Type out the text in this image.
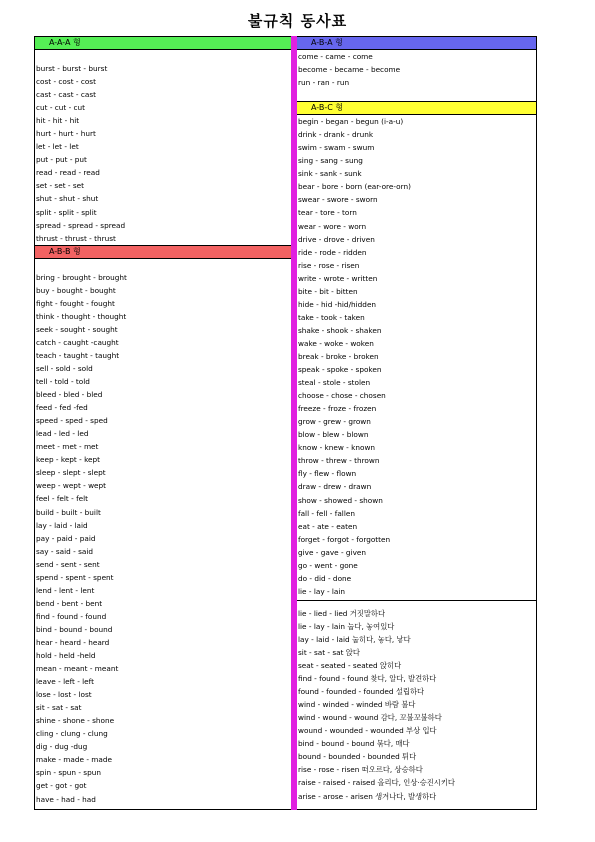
불규칙 동사표
A-A-A 형
burst - burst - burst
cost - cost - cost
cast - cast - cast
cut - cut - cut
hit - hit - hit
hurt - hurt - hurt
let - let - let
put - put - put
read - read - read
set - set - set
shut - shut - shut
split - split - split
spread - spread - spread
thrust - thrust - thrust
A-B-B 형
bring - brought - brought
buy - bought - bought
fight - fought - fought
think - thought - thought
seek - sought - sought
catch - caught -caught
teach - taught - taught
sell - sold - sold
tell - told - told
bleed - bled - bled
feed - fed -fed
speed - sped - sped
lead - led - led
meet - met - met
keep - kept - kept
sleep - slept - slept
weep - wept - wept
feel - felt - felt
build - built - built
lay - laid - laid
pay - paid - paid
say - said - said
send - sent - sent
spend - spent - spent
lend - lent - lent
bend - bent - bent
find - found - found
bind - bound - bound
hear - heard - heard
hold - held -held
mean - meant - meant
leave - left - left
lose - lost - lost
sit - sat - sat
shine - shone - shone
cling - clung - clung
dig - dug -dug
make - made - made
spin - spun - spun
get - got - got
have - had - had
A-B-A 형
come - came - come
become - became - become
run - ran - run
A-B-C 형
begin - began - begun (i-a-u)
drink - drank - drunk
swim - swam - swum
sing - sang - sung
sink - sank - sunk
bear - bore - born (ear-ore-orn)
swear - swore - sworn
tear - tore - torn
wear - wore - worn
drive - drove - driven
ride - rode - ridden
rise - rose - risen
write - wrote - written
bite - bit - bitten
hide - hid -hid/hidden
take - took - taken
shake - shook - shaken
wake - woke - woken
break - broke - broken
speak - spoke - spoken
steal - stole - stolen
choose - chose - chosen
freeze - froze - frozen
grow - grew - grown
blow - blew - blown
know - knew - known
throw - threw - thrown
fly - flew - flown
draw - drew - drawn
show - showed - shown
fall - fell - fallen
eat - ate - eaten
forget - forgot - forgotten
give - gave - given
go - went - gone
do - did - done
lie - lay - lain
lie - lied - lied 거짓말하다
lie - lay - lain 눕다, 놓여있다
lay - laid - laid 눕히다, 놓다, 낳다
sit - sat - sat 앉다
seat - seated - seated 앉히다
find - found - found 찾다, 알다, 발견하다
found - founded - founded 설립하다
wind - winded - winded 바람 불다
wind - wound - wound 감다, 꼬불꼬불하다
wound - wounded - wounded 부상 입다
bind - bound - bound 묶다, 매다
bound - bounded - bounded 튀다
rise - rose - risen 떠오르다, 상승하다
raise - raised - raised 올리다, 인상·승진시키다
arise - arose - arisen 생겨나다, 발생하다
